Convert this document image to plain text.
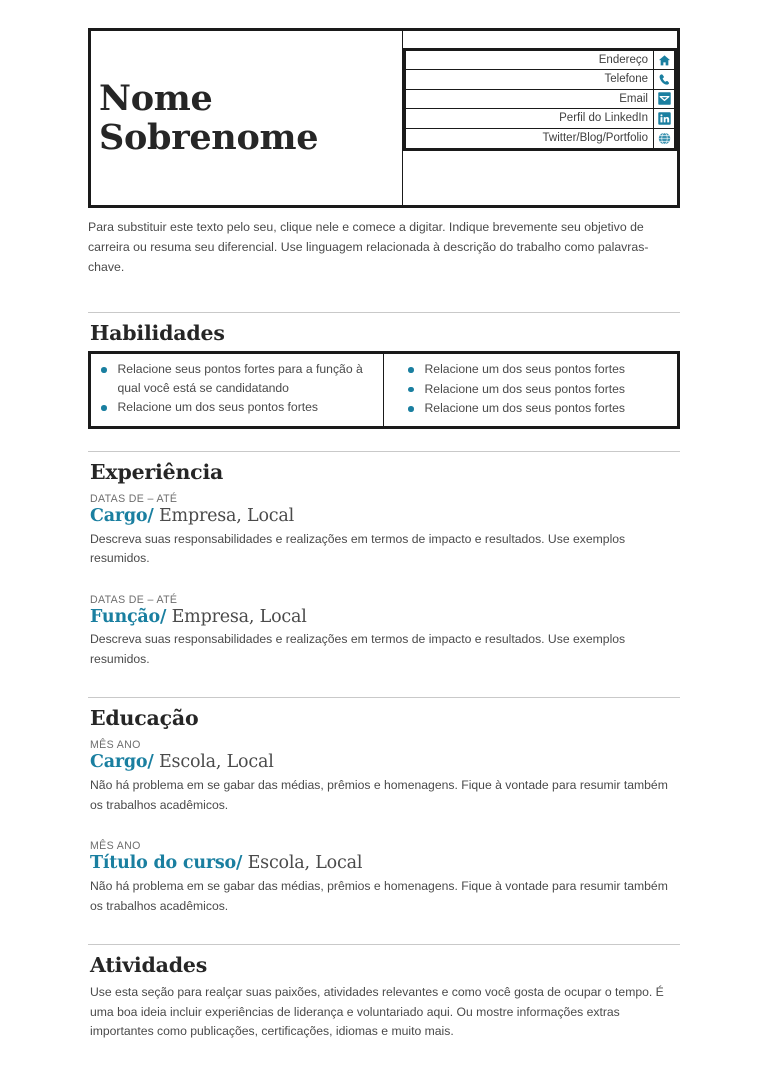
Nome
Sobrenome
Endereço
Telefone
Email
Perfil do LinkedIn
Twitter/Blog/Portfolio

Para substituir este texto pelo seu, clique nele e comece a digitar. Indique brevemente seu objetivo de carreira ou resuma seu diferencial. Use linguagem relacionada à descrição do trabalho como palavras-chave.

Habilidades
Relacione seus pontos fortes para a função à qual você está se candidatando
Relacione um dos seus pontos fortes
Relacione um dos seus pontos fortes
Relacione um dos seus pontos fortes
Relacione um dos seus pontos fortes
Experiência
DATAS DE – ATÉ
Cargo/ Empresa, Local
Descreva suas responsabilidades e realizações em termos de impacto e resultados. Use exemplos resumidos.
DATAS DE – ATÉ
Função/ Empresa, Local
Descreva suas responsabilidades e realizações em termos de impacto e resultados. Use exemplos resumidos.
Educação
MÊS ANO
Cargo/ Escola, Local
Não há problema em se gabar das médias, prêmios e homenagens. Fique à vontade para resumir também os trabalhos acadêmicos.
MÊS ANO
Título do curso/ Escola, Local
Não há problema em se gabar das médias, prêmios e homenagens. Fique à vontade para resumir também os trabalhos acadêmicos.
Atividades
Use esta seção para realçar suas paixões, atividades relevantes e como você gosta de ocupar o tempo. É uma boa ideia incluir experiências de liderança e voluntariado aqui. Ou mostre informações extras importantes como publicações, certificações, idiomas e muito mais.
